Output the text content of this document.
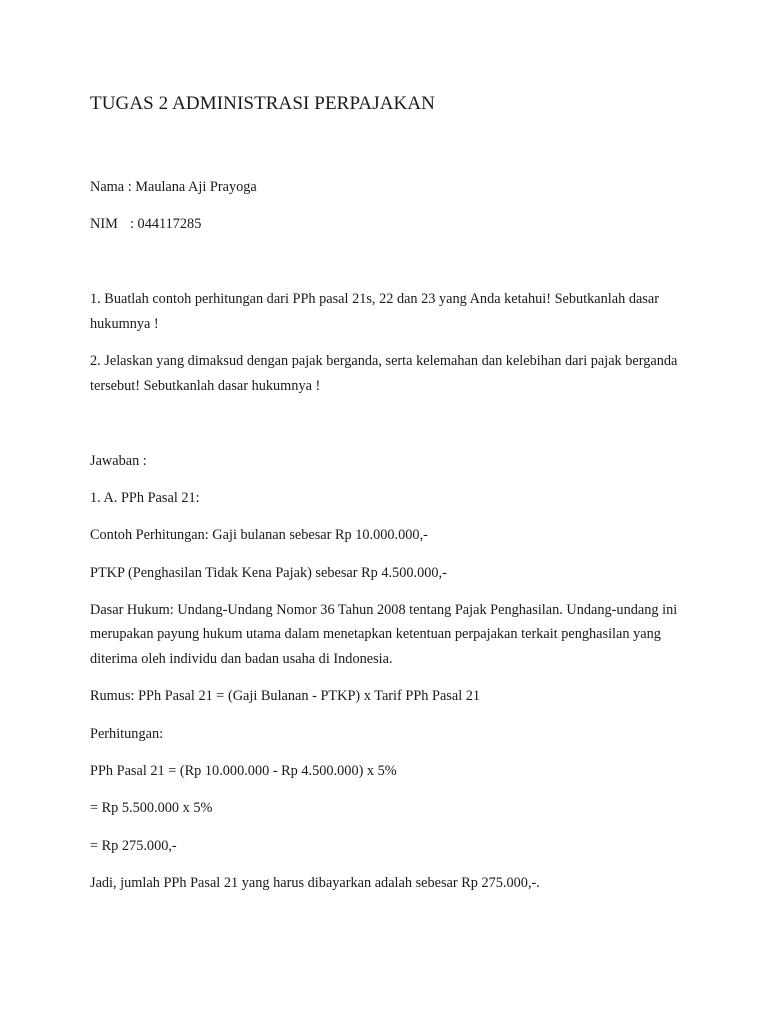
TUGAS 2 ADMINISTRASI PERPAJAKAN
Nama : Maulana Aji Prayoga
NIM : 044117285
1. Buatlah contoh perhitungan dari PPh pasal 21s, 22 dan 23 yang Anda ketahui! Sebutkanlah dasar
hukumnya !
2. Jelaskan yang dimaksud dengan pajak berganda, serta kelemahan dan kelebihan dari pajak berganda
tersebut! Sebutkanlah dasar hukumnya !
Jawaban :
1. A. PPh Pasal 21:
Contoh Perhitungan: Gaji bulanan sebesar Rp 10.000.000,-
PTKP (Penghasilan Tidak Kena Pajak) sebesar Rp 4.500.000,-
Dasar Hukum: Undang-Undang Nomor 36 Tahun 2008 tentang Pajak Penghasilan. Undang-undang ini
merupakan payung hukum utama dalam menetapkan ketentuan perpajakan terkait penghasilan yang
diterima oleh individu dan badan usaha di Indonesia.
Rumus: PPh Pasal 21 = (Gaji Bulanan - PTKP) x Tarif PPh Pasal 21
Perhitungan:
PPh Pasal 21 = (Rp 10.000.000 - Rp 4.500.000) x 5%
= Rp 5.500.000 x 5%
= Rp 275.000,-
Jadi, jumlah PPh Pasal 21 yang harus dibayarkan adalah sebesar Rp 275.000,-.
